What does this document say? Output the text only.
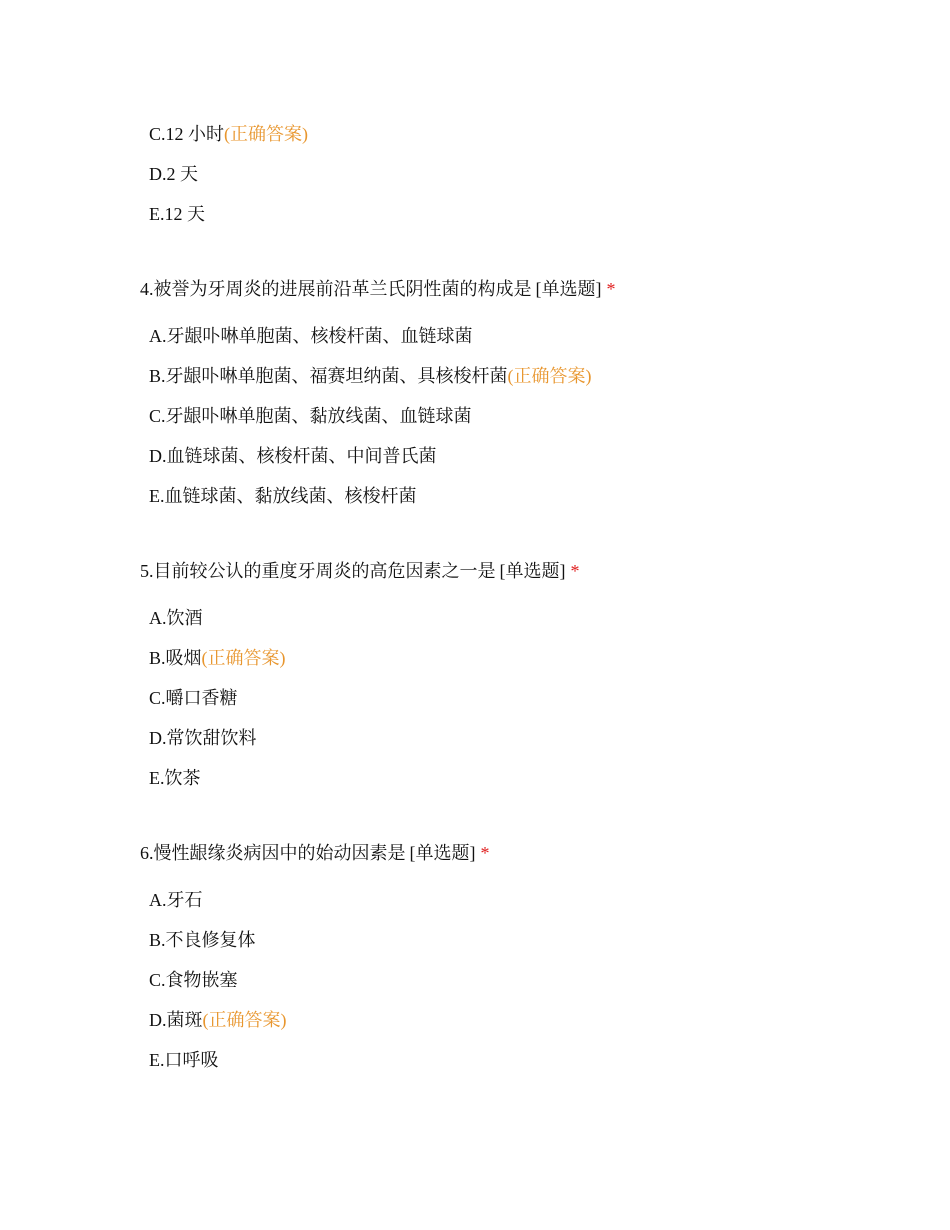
C.12 小时(正确答案)
D.2 天
E.12 天
4.被誉为牙周炎的进展前沿革兰氏阴性菌的构成是 [单选题] *
A.牙龈卟啉单胞菌、核梭杆菌、血链球菌
B.牙龈卟啉单胞菌、福赛坦纳菌、具核梭杆菌(正确答案)
C.牙龈卟啉单胞菌、黏放线菌、血链球菌
D.血链球菌、核梭杆菌、中间普氏菌
E.血链球菌、黏放线菌、核梭杆菌
5.目前较公认的重度牙周炎的高危因素之一是 [单选题] *
A.饮酒
B.吸烟(正确答案)
C.嚼口香糖
D.常饮甜饮料
E.饮茶
6.慢性龈缘炎病因中的始动因素是 [单选题] *
A.牙石
B.不良修复体
C.食物嵌塞
D.菌斑(正确答案)
E.口呼吸
